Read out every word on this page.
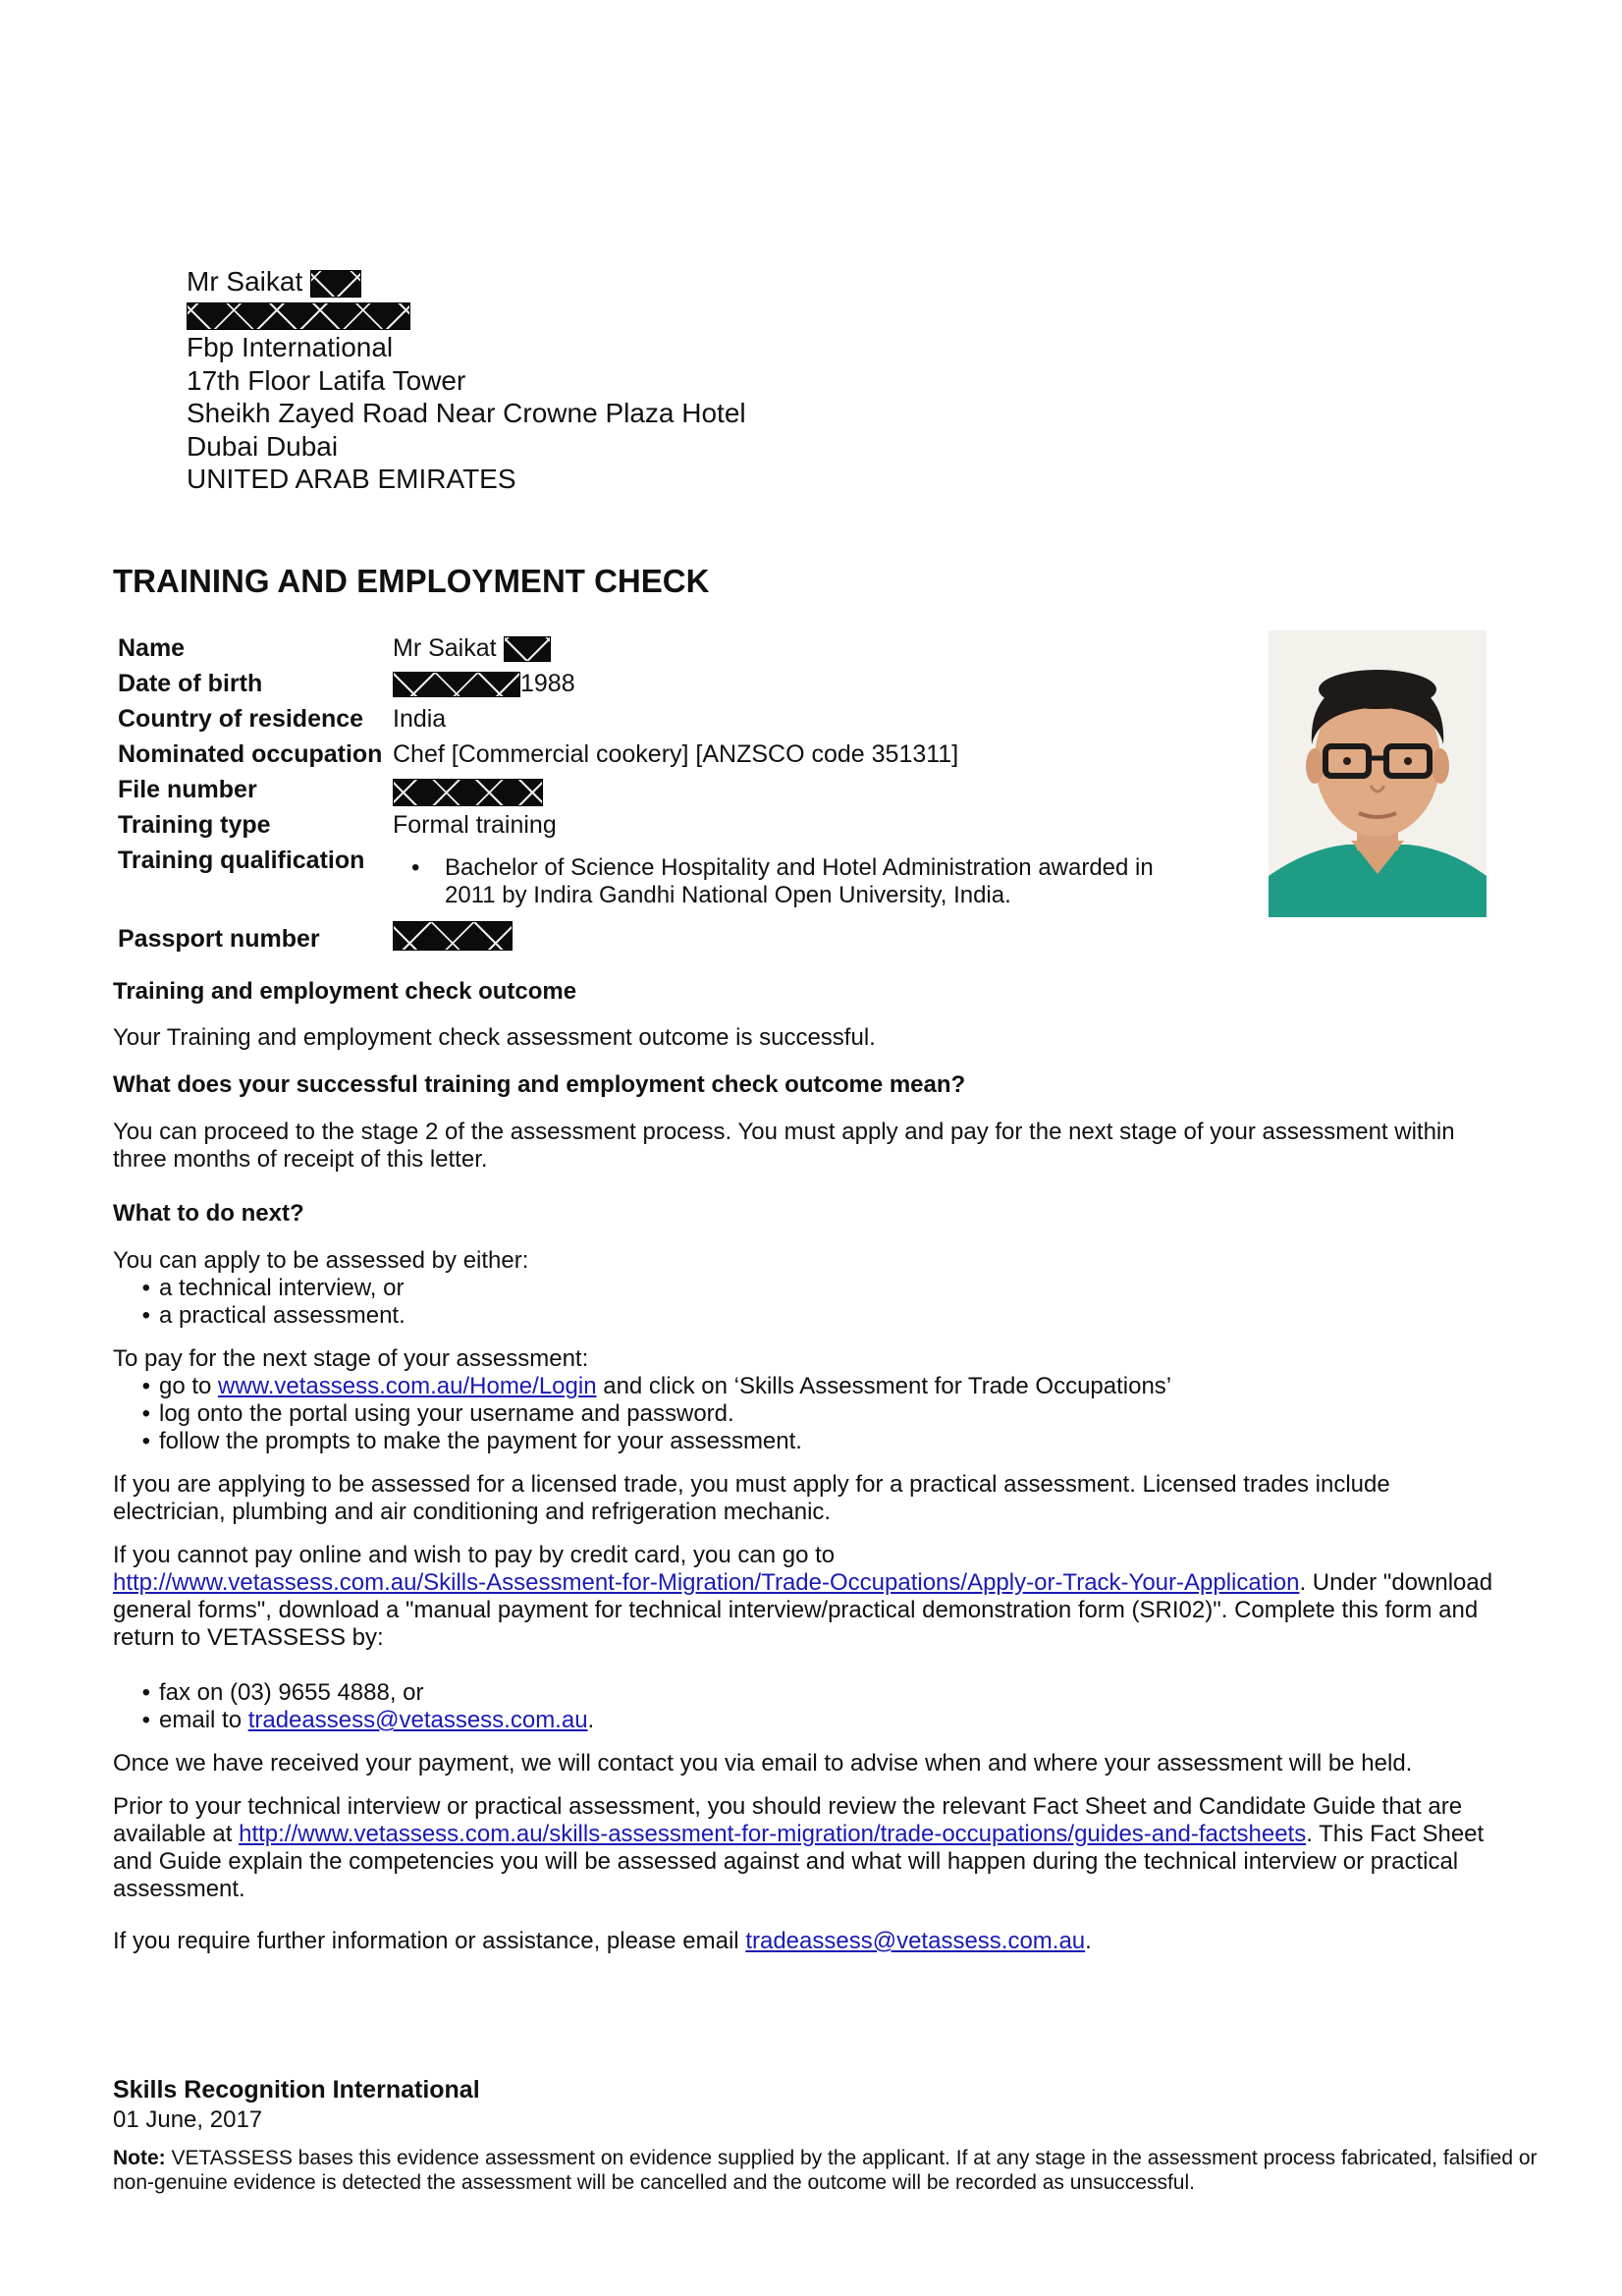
Mr Saikat
Fbp International
17th Floor Latifa Tower
Sheikh Zayed Road Near Crowne Plaza Hotel
Dubai Dubai
UNITED ARAB EMIRATES
TRAINING AND EMPLOYMENT CHECK
Name	Mr Saikat
Date of birth	1988
Country of residence India
Nominated occupation Chef [Commercial cookery] [ANZSCO code 351311]
File number
Training type	Formal training
Training qualification
•	Bachelor of Science Hospitality and Hotel Administration awarded in
2011 by Indira Gandhi National Open University, India.
Passport number

Training and employment check outcome

Your Training and employment check assessment outcome is successful.

What does your successful training and employment check outcome mean?

You can proceed to the stage 2 of the assessment process. You must apply and pay for the next stage of your assessment within three months of receipt of this letter.

What to do next?

You can apply to be assessed by either:

• a technical interview, or
• a practical assessment.

To pay for the next stage of your assessment:

• go to www.vetassess.com.au/Home/Login and click on ‘Skills Assessment for Trade Occupations’
• log onto the portal using your username and password.
• follow the prompts to make the payment for your assessment.

If you are applying to be assessed for a licensed trade, you must apply for a practical assessment. Licensed trades include electrician, plumbing and air conditioning and refrigeration mechanic.

If you cannot pay online and wish to pay by credit card, you can go to
http://www.vetassess.com.au/Skills-Assessment-for-Migration/Trade-Occupations/Apply-or-Track-Your-Application. Under "download general forms", download a "manual payment for technical interview/practical demonstration form (SRI02)". Complete this form and return to VETASSESS by:

• fax on (03) 9655 4888, or
• email to tradeassess@vetassess.com.au.

Once we have received your payment, we will contact you via email to advise when and where your assessment will be held.

Prior to your technical interview or practical assessment, you should review the relevant Fact Sheet and Candidate Guide that are available at http://www.vetassess.com.au/skills-assessment-for-migration/trade-occupations/guides-and-factsheets. This Fact Sheet and Guide explain the competencies you will be assessed against and what will happen during the technical interview or practical assessment.

If you require further information or assistance, please email tradeassess@vetassess.com.au.

Skills Recognition International
01 June, 2017
Note: VETASSESS bases this evidence assessment on evidence supplied by the applicant. If at any stage in the assessment process fabricated, falsified or non-genuine evidence is detected the assessment will be cancelled and the outcome will be recorded as unsuccessful.
